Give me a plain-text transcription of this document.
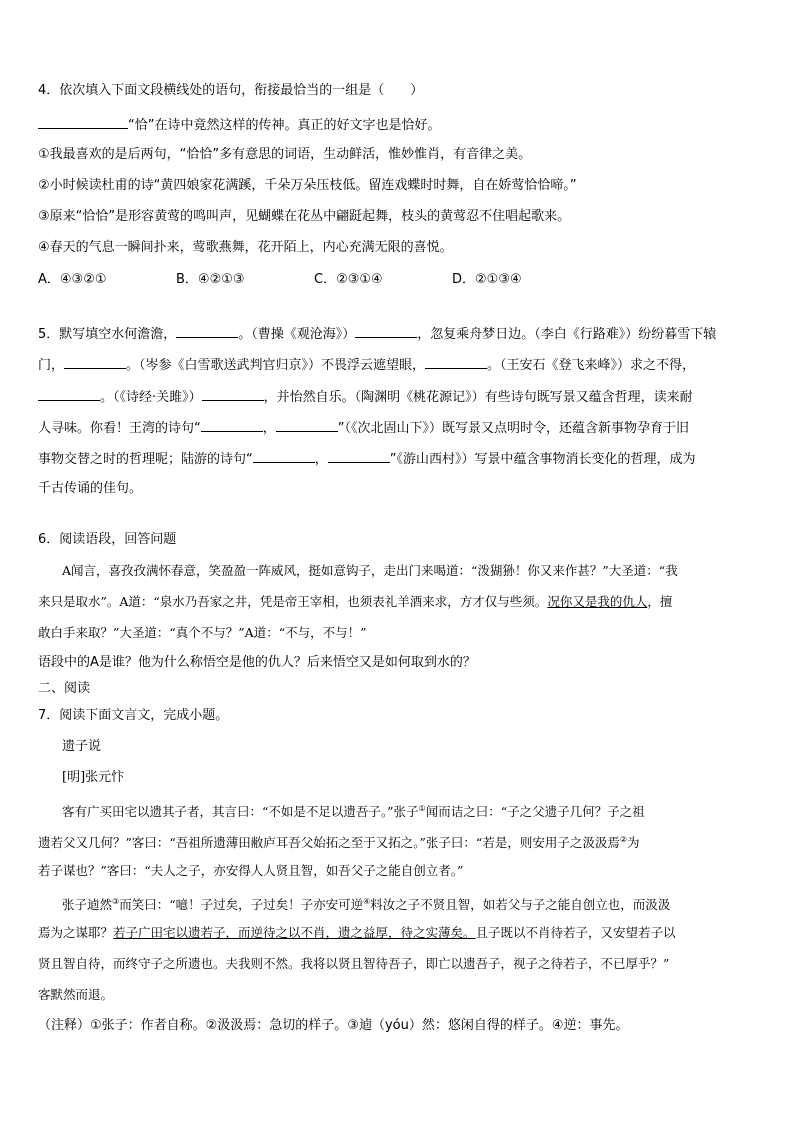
4．依次填入下面文段横线处的语句，衔接最恰当的一组是（　　）
“恰”在诗中竟然这样的传神。真正的好文字也是恰好。
①我最喜欢的是后两句，“恰恰”多有意思的词语，生动鲜活，惟妙惟肖，有音律之美。
②小时候读杜甫的诗“黄四娘家花满蹊，千朵万朵压枝低。留连戏蝶时时舞，自在娇莺恰恰啼。”
③原来“恰恰”是形容黄莺的鸣叫声，见蝴蝶在花丛中翩跹起舞，枝头的黄莺忍不住唱起歌来。
④春天的气息一瞬间扑来，莺歌燕舞，花开陌上，内心充满无限的喜悦。
A．④③②①	B．④②①③	C．②③①④	D．②①③④
5．默写填空水何澹澹，	。（曹操《观沧海》）	，忽复乘舟梦日边。（李白《行路难》）纷纷暮雪下辕
门，	。（岑参《白雪歌送武判官归京》）不畏浮云遮望眼，	。（王安石《登飞来峰》）求之不得，
。（《诗经·关雎》）	，并怡然自乐。（陶渊明《桃花源记》）有些诗句既写景又蕴含哲理，读来耐
人寻味。你看！王湾的诗句“	，	”（《次北固山下》）既写景又点明时令，还蕴含新事物孕育于旧
事物交替之时的哲理呢；陆游的诗句“	，	”《游山西村》）写景中蕴含事物消长变化的哲理，成为
千古传诵的佳句。
6．阅读语段，回答问题
A闻言，喜孜孜满怀春意，笑盈盈一阵威风，挺如意钩子，走出门来喝道：“泼猢狲！你又来作甚？”大圣道：“我
来只是取水”。A道：“泉水乃吾家之井，凭是帝王宰相，也须表礼羊酒来求，方才仅与些须。况你又是我的仇人，擅
敢白手来取？”大圣道：“真个不与？”A道：“不与，不与！”
语段中的A是谁？他为什么称悟空是他的仇人？后来悟空又是如何取到水的？
二、阅读
7．阅读下面文言文，完成小题。
遗子说
[明]张元忭
客有广买田宅以遗其子者，其言曰：“不如是不足以遗吾子。”张子①闻而诘之曰：“子之父遗子几何？子之祖
遗若父又几何？”客曰：“吾祖所遗薄田敝庐耳吾父始拓之至于又拓之。”张子曰：“若是，则安用子之汲汲焉②为
若子谋也？”客曰：“夫人之子，亦安得人人贤且智，如吾父子之能自创立者。”
张子逌然③而笑曰：“噫！子过矣，子过矣！子亦安可逆④料汝之子不贤且智，如若父与子之能自创立也，而汲汲
焉为之谋耶？若子广田宅以遗若子，而逆待之以不肖，遗之益厚，待之实薄矣。且子既以不肖待若子，又安望若子以
贤且智自待，而终守子之所遗也。夫我则不然。我将以贤且智待吾子，即亡以遗吾子，视子之待若子，不已厚乎？”
客默然而退。
（注释）①张子：作者自称。②汲汲焉：急切的样子。③逌（yóu）然：悠闲自得的样子。④逆：事先。
